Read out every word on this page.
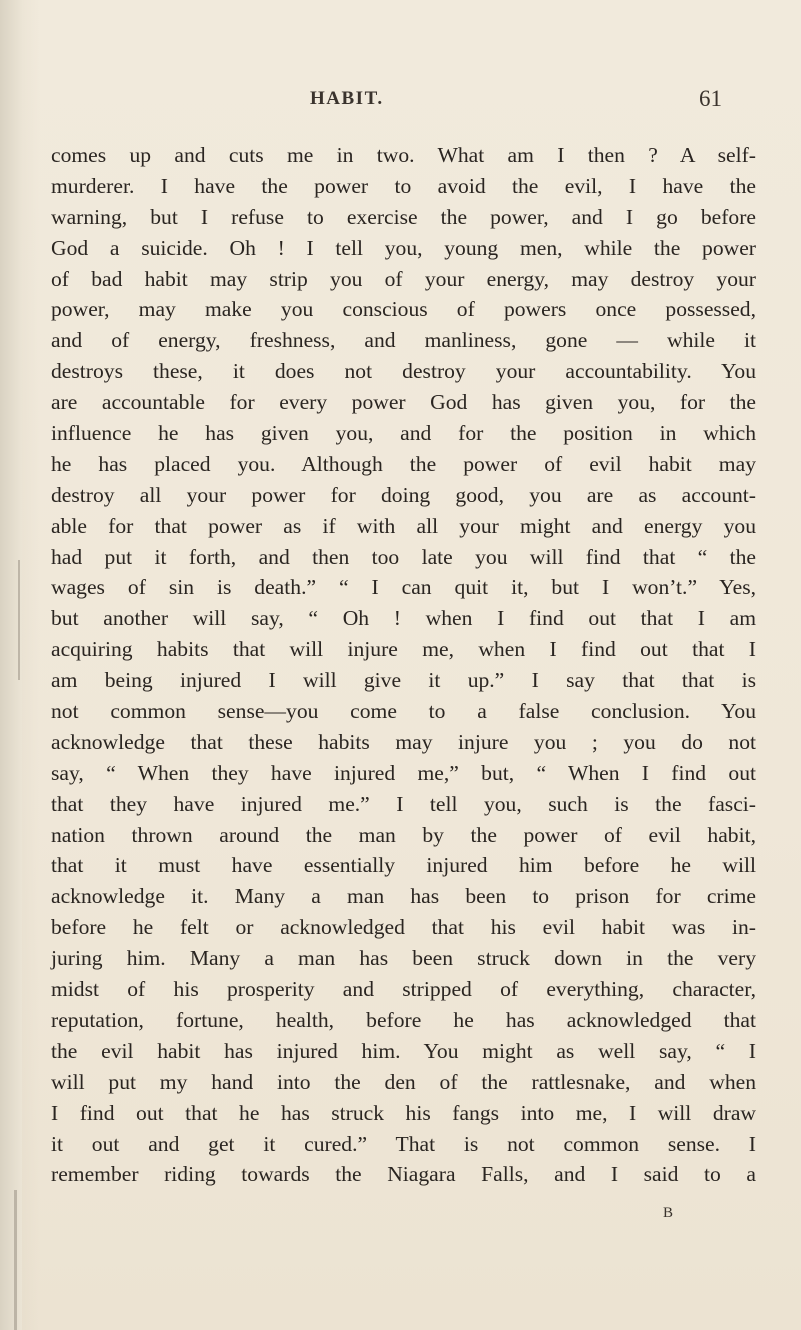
HABIT.	61
comes up and cuts me in two. What am I then ? A self-
murderer. I have the power to avoid the evil, I have the
warning, but I refuse to exercise the power, and I go before
God a suicide. Oh ! I tell you, young men, while the power
of bad habit may strip you of your energy, may destroy your
power, may make you conscious of powers once possessed,
and of energy, freshness, and manliness, gone — while it
destroys these, it does not destroy your accountability. You
are accountable for every power God has given you, for the
influence he has given you, and for the position in which
he has placed you. Although the power of evil habit may
destroy all your power for doing good, you are as account-
able for that power as if with all your might and energy you
had put it forth, and then too late you will find that “ the
wages of sin is death.” “ I can quit it, but I won’t.” Yes,
but another will say, “ Oh ! when I find out that I am
acquiring habits that will injure me, when I find out that I
am being injured I will give it up.” I say that that is
not common sense—you come to a false conclusion. You
acknowledge that these habits may injure you ; you do not
say, “ When they have injured me,” but, “ When I find out
that they have injured me.” I tell you, such is the fasci-
nation thrown around the man by the power of evil habit,
that it must have essentially injured him before he will
acknowledge it. Many a man has been to prison for crime
before he felt or acknowledged that his evil habit was in-
juring him. Many a man has been struck down in the very
midst of his prosperity and stripped of everything, character,
reputation, fortune, health, before he has acknowledged that
the evil habit has injured him. You might as well say, “ I
will put my hand into the den of the rattlesnake, and when
I find out that he has struck his fangs into me, I will draw
it out and get it cured.” That is not common sense. I
remember riding towards the Niagara Falls, and I said to a
B
